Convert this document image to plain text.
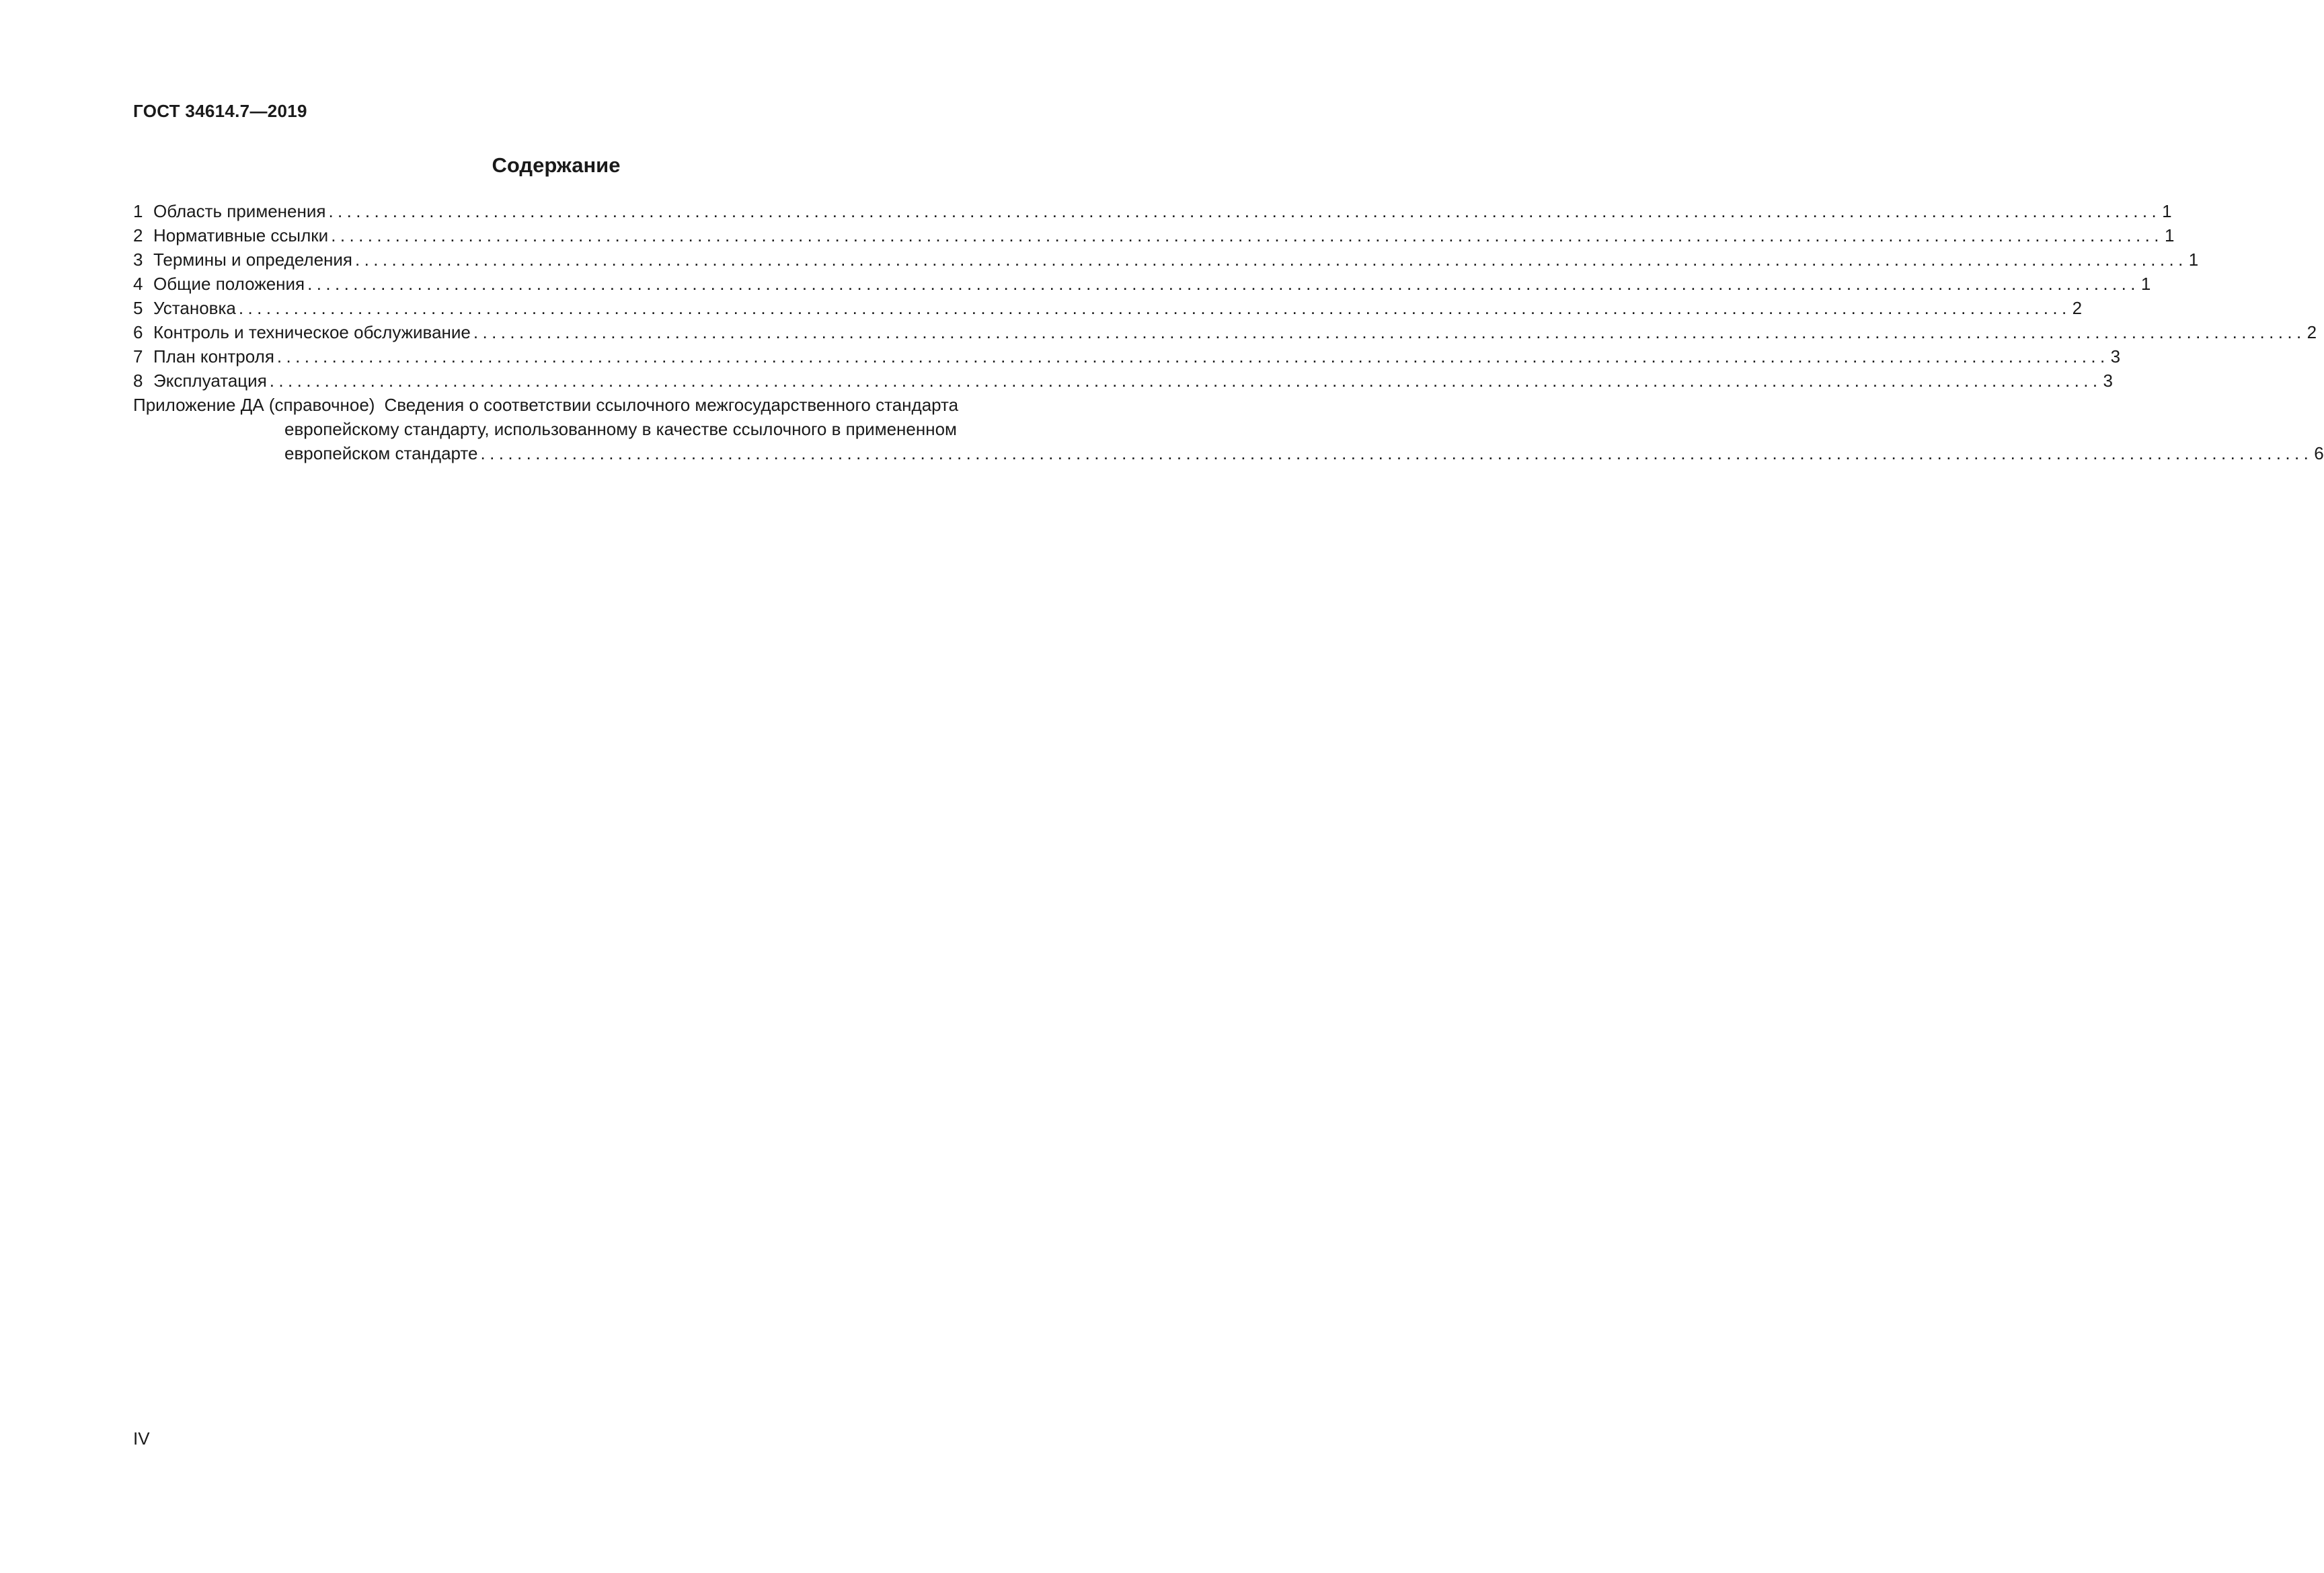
ГОСТ 34614.7—2019
Содержание
1 Область применения ........................................................................................................................................................................................................ 1
2 Нормативные ссылки ........................................................................................................................................................................................................ 1
3 Термины и определения ........................................................................................................................................................................................................ 1
4 Общие положения ........................................................................................................................................................................................................ 1
5 Установка ........................................................................................................................................................................................................ 2
6 Контроль и техническое обслуживание ........................................................................................................................................................................................................ 2
7 План контроля ........................................................................................................................................................................................................ 3
8 Эксплуатация ........................................................................................................................................................................................................ 3
Приложение ДА (справочное) Сведения о соответствии ссылочного межгосударственного стандарта
европейскому стандарту, использованному в качестве ссылочного в примененном
европейском стандарте ........................................................................................................................................................................................................ 6
IV
